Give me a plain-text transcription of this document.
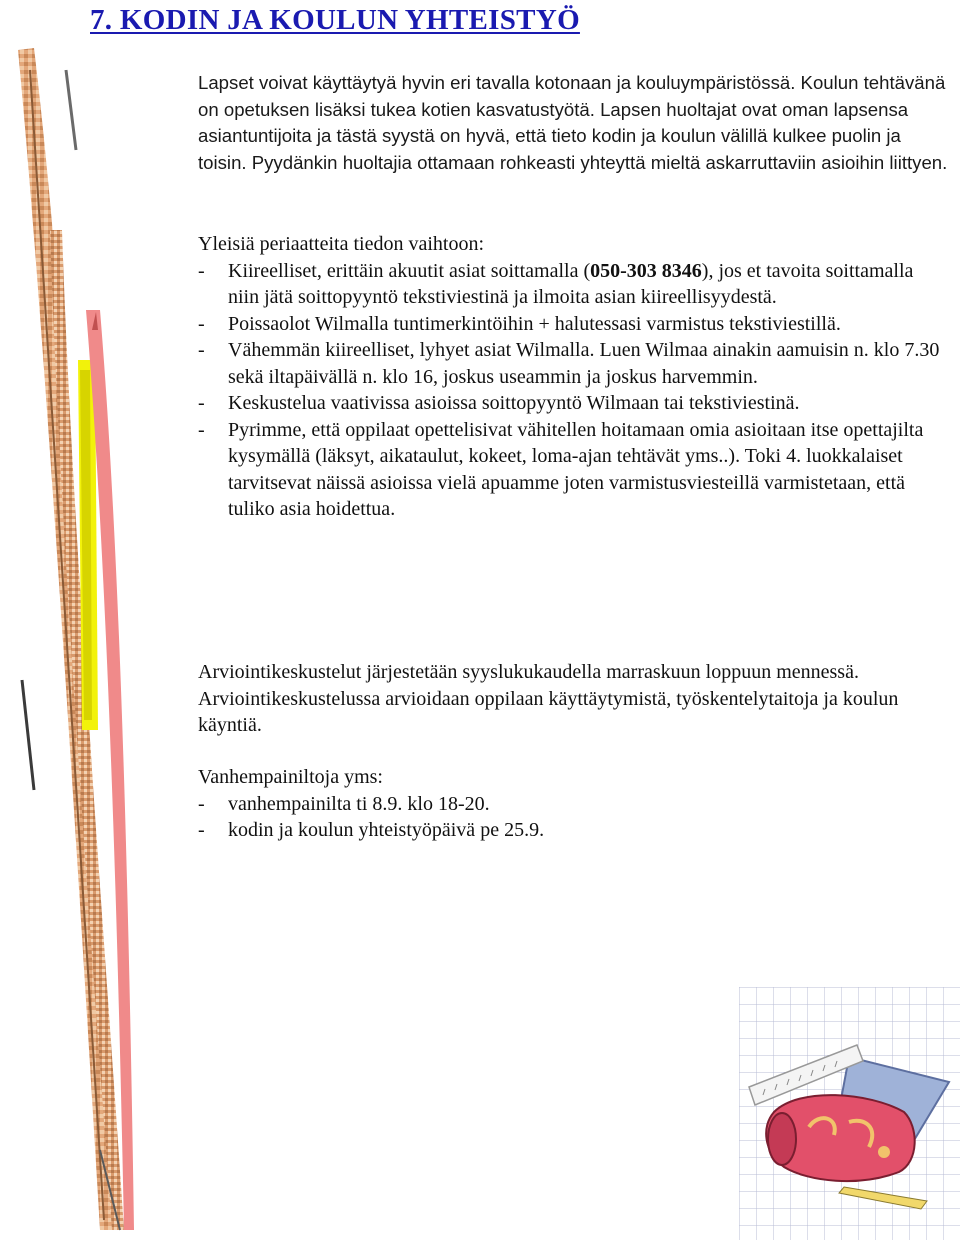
7. KODIN JA KOULUN YHTEISTYÖ

Lapset voivat käyttäytyä hyvin eri tavalla kotonaan ja kouluympäristössä. Koulun tehtävänä on opetuksen lisäksi tukea kotien kasvatustyötä. Lapsen huoltajat ovat oman lapsensa asiantuntijoita ja tästä syystä on hyvä, että tieto kodin ja koulun välillä kulkee puolin ja toisin. Pyydänkin huoltajia ottamaan rohkeasti yhteyttä mieltä askarruttaviin asioihin liittyen.

Yleisiä periaatteita tiedon vaihtoon:

- Kiireelliset, erittäin akuutit asiat soittamalla (050-303 8346), jos et tavoita soittamalla niin jätä soittopyyntö tekstiviestinä ja ilmoita asian kiireellisyydestä.
- Poissaolot Wilmalla tuntimerkintöihin + halutessasi varmistus tekstiviestillä.
- Vähemmän kiireelliset, lyhyet asiat Wilmalla. Luen Wilmaa ainakin aamuisin n. klo 7.30 sekä iltapäivällä n. klo 16, joskus useammin ja joskus harvemmin.
- Keskustelua vaativissa asioissa soittopyyntö Wilmaan tai tekstiviestinä.
- Pyrimme, että oppilaat opettelisivat vähitellen hoitamaan omia asioitaan itse opettajilta kysymällä (läksyt, aikataulut, kokeet, loma-ajan tehtävät yms..). Toki 4. luokkalaiset tarvitsevat näissä asioissa vielä apuamme joten varmistusviesteillä varmistetaan, että tuliko asia hoidettua.

Arviointikeskustelut järjestetään syyslukukaudella marraskuun loppuun mennessä. Arviointikeskustelussa arvioidaan oppilaan käyttäytymistä, työskentelytaitoja ja koulun käyntiä.

Vanhempainiltoja yms:

- vanhempainilta ti 8.9. klo 18-20.
- kodin ja koulun yhteistyöpäivä pe 25.9.
